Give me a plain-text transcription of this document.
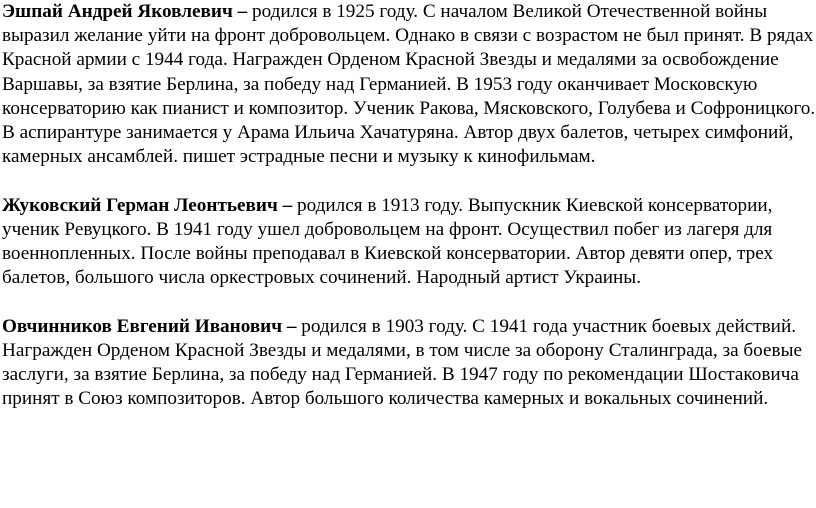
Эшпай Андрей Яковлевич – родился в 1925 году. С началом Великой Отечественной войны выразил желание уйти на фронт добровольцем. Однако в связи с возрастом не был принят. В рядах Красной армии с 1944 года. Награжден Орденом Красной Звезды и медалями за освобождение Варшавы, за взятие Берлина, за победу над Германией. В 1953 году оканчивает Московскую консерваторию как пианист и композитор. Ученик Ракова, Мясковского, Голубева и Софроницкого. В аспирантуре занимается у Арама Ильича Хачатуряна. Автор двух балетов, четырех симфоний, камерных ансамблей. пишет эстрадные песни и музыку к кинофильмам.

Жуковский Герман Леонтьевич – родился в 1913 году. Выпускник Киевской консерватории, ученик Ревуцкого. В 1941 году ушел добровольцем на фронт. Осуществил побег из лагеря для военнопленных. После войны преподавал в Киевской консерватории. Автор девяти опер, трех балетов, большого числа оркестровых сочинений. Народный артист Украины.

Овчинников Евгений Иванович – родился в 1903 году. С 1941 года участник боевых действий. Награжден Орденом Красной Звезды и медалями, в том числе за оборону Сталинграда, за боевые заслуги, за взятие Берлина, за победу над Германией. В 1947 году по рекомендации Шостаковича принят в Союз композиторов. Автор большого количества камерных и вокальных сочинений.
